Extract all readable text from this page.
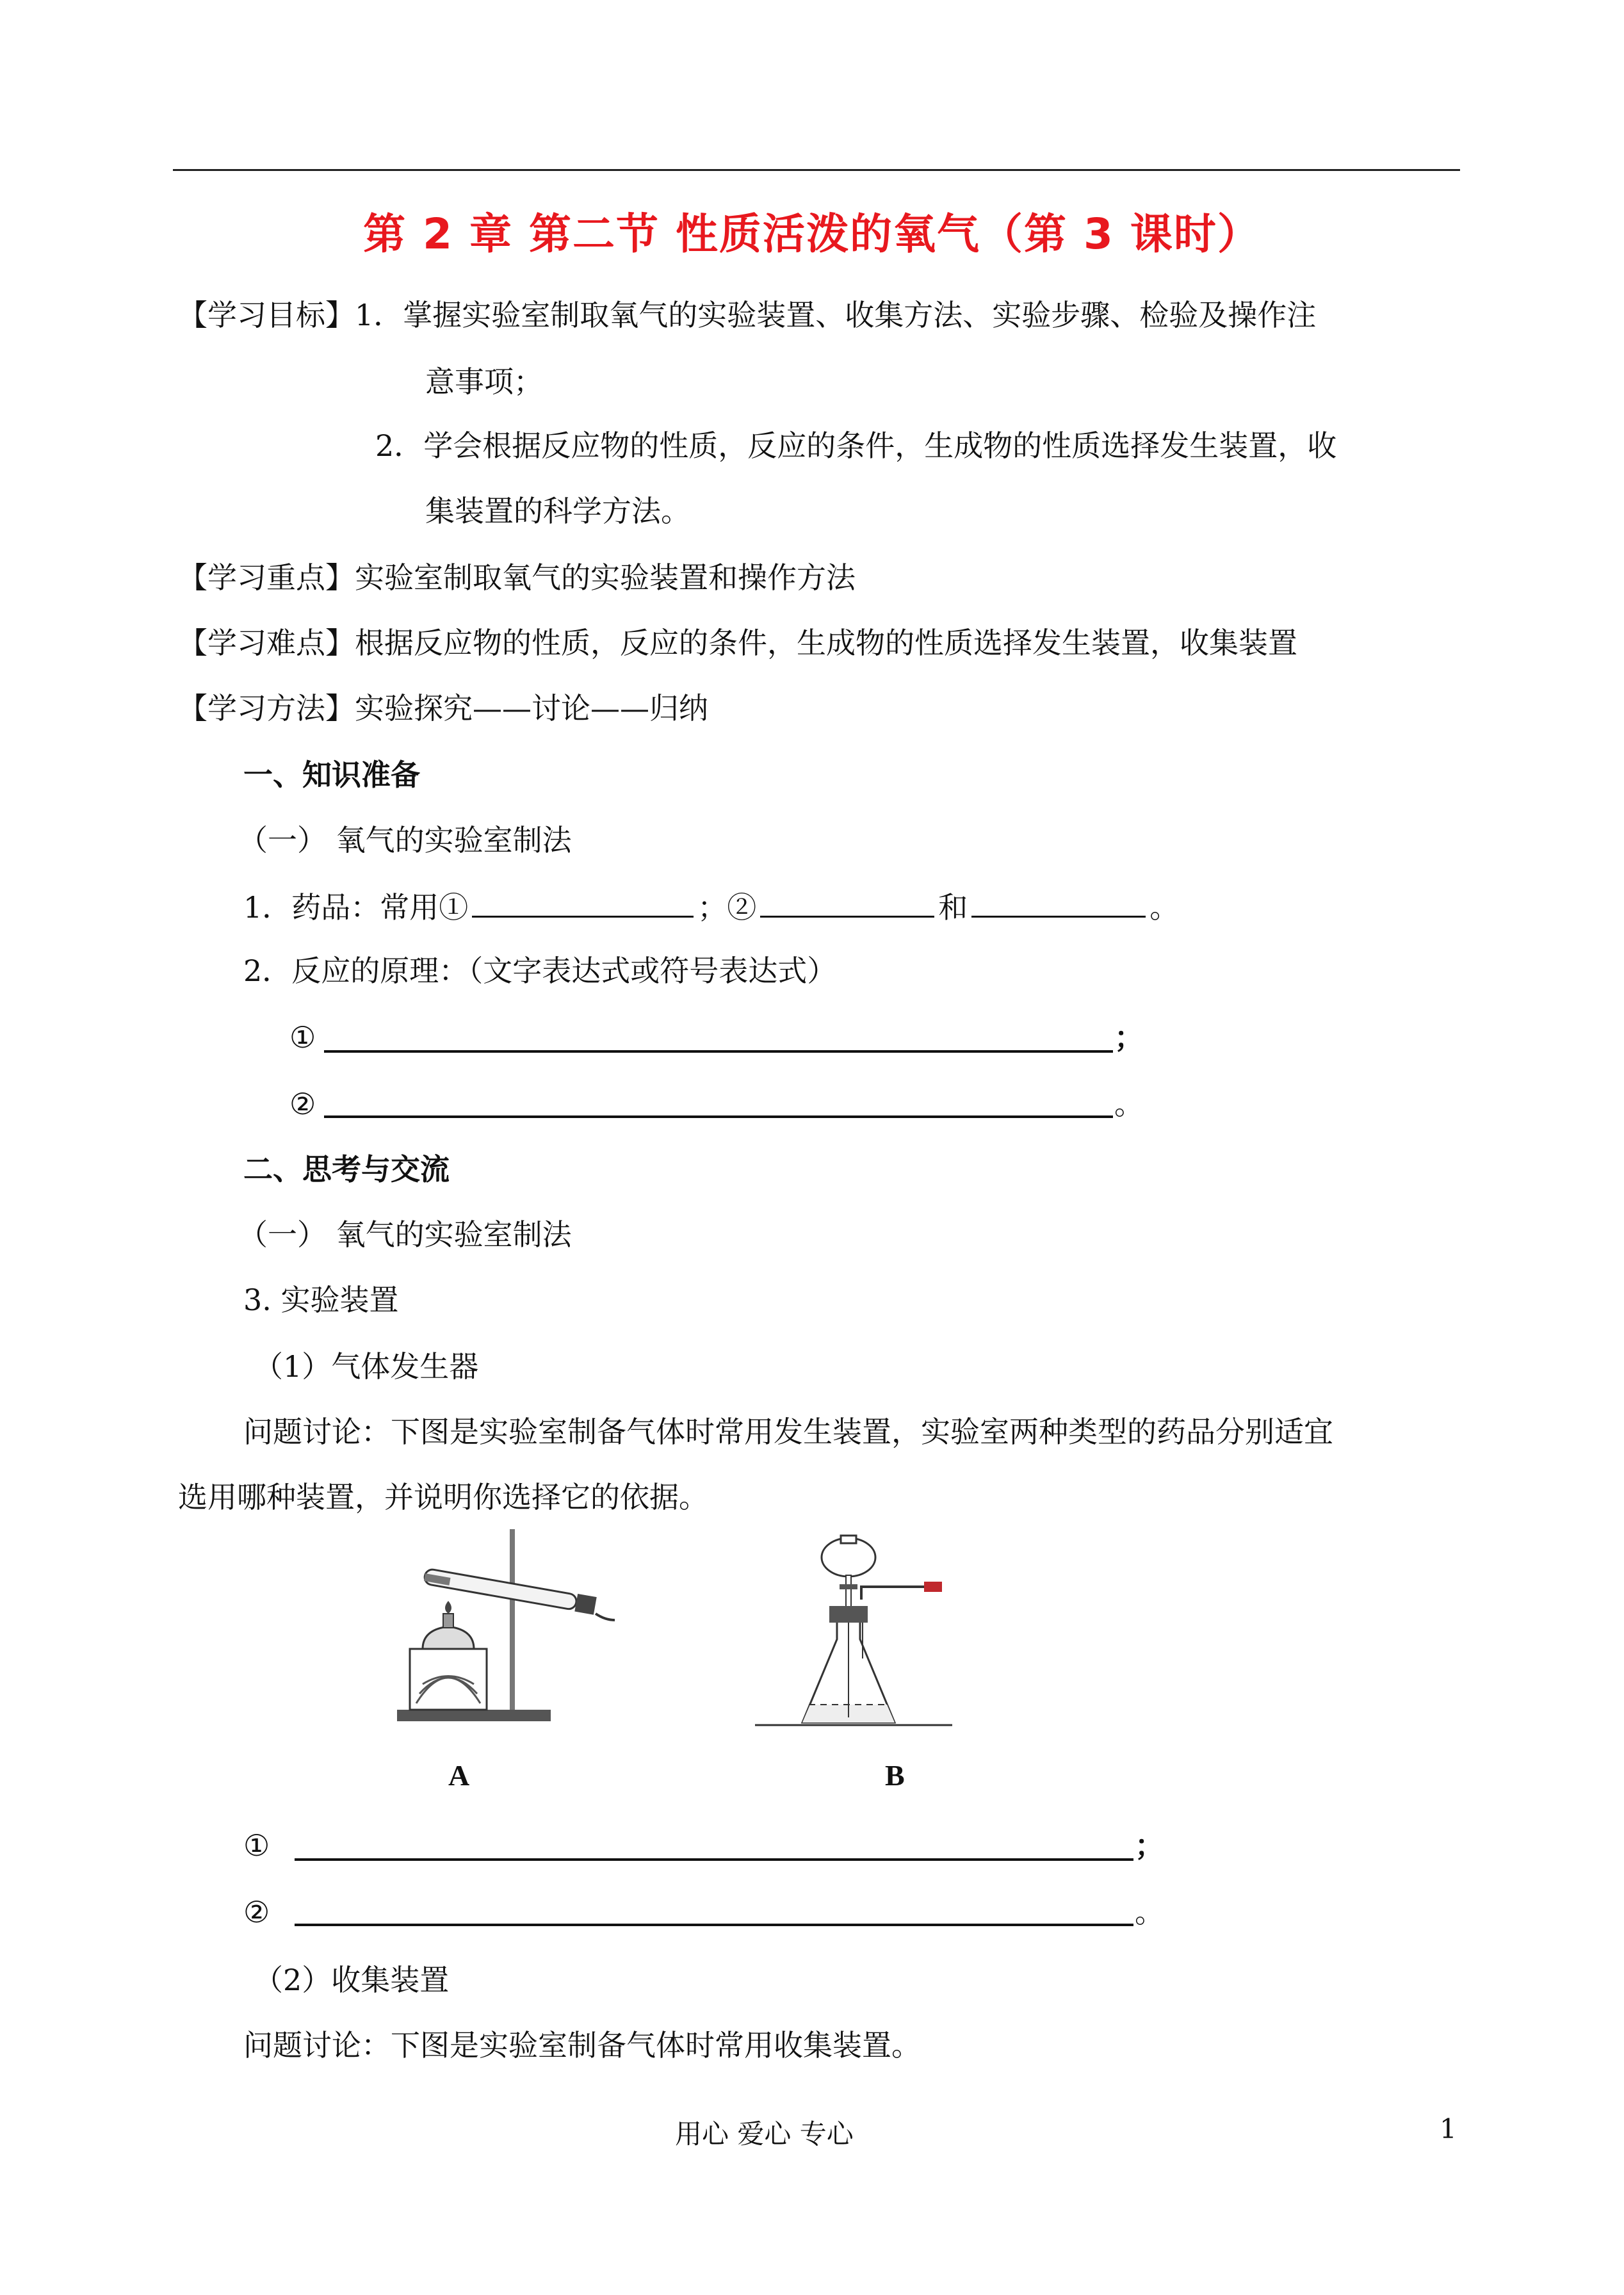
第 2 章 第二节 性质活泼的氧气（第 3 课时）
【学习目标】1．掌握实验室制取氧气的实验装置、收集方法、实验步骤、检验及操作注
意事项；
2．学会根据反应物的性质，反应的条件，生成物的性质选择发生装置，收
集装置的科学方法。
【学习重点】实验室制取氧气的实验装置和操作方法
【学习难点】根据反应物的性质，反应的条件，生成物的性质选择发生装置，收集装置
【学习方法】实验探究——讨论——归纳
一、知识准备
（一） 氧气的实验室制法
1．药品：常用①	；②	和	。
2．反应的原理：（文字表达式或符号表达式）
①	；
②	。
二、思考与交流
（一） 氧气的实验室制法
3. 实验装置
（1）气体发生器
问题讨论：下图是实验室制备气体时常用发生装置，实验室两种类型的药品分别适宜
选用哪种装置，并说明你选择它的依据。
A	B
①	；
②	。
（2）收集装置
问题讨论：下图是实验室制备气体时常用收集装置。
用心 爱心 专心	1
